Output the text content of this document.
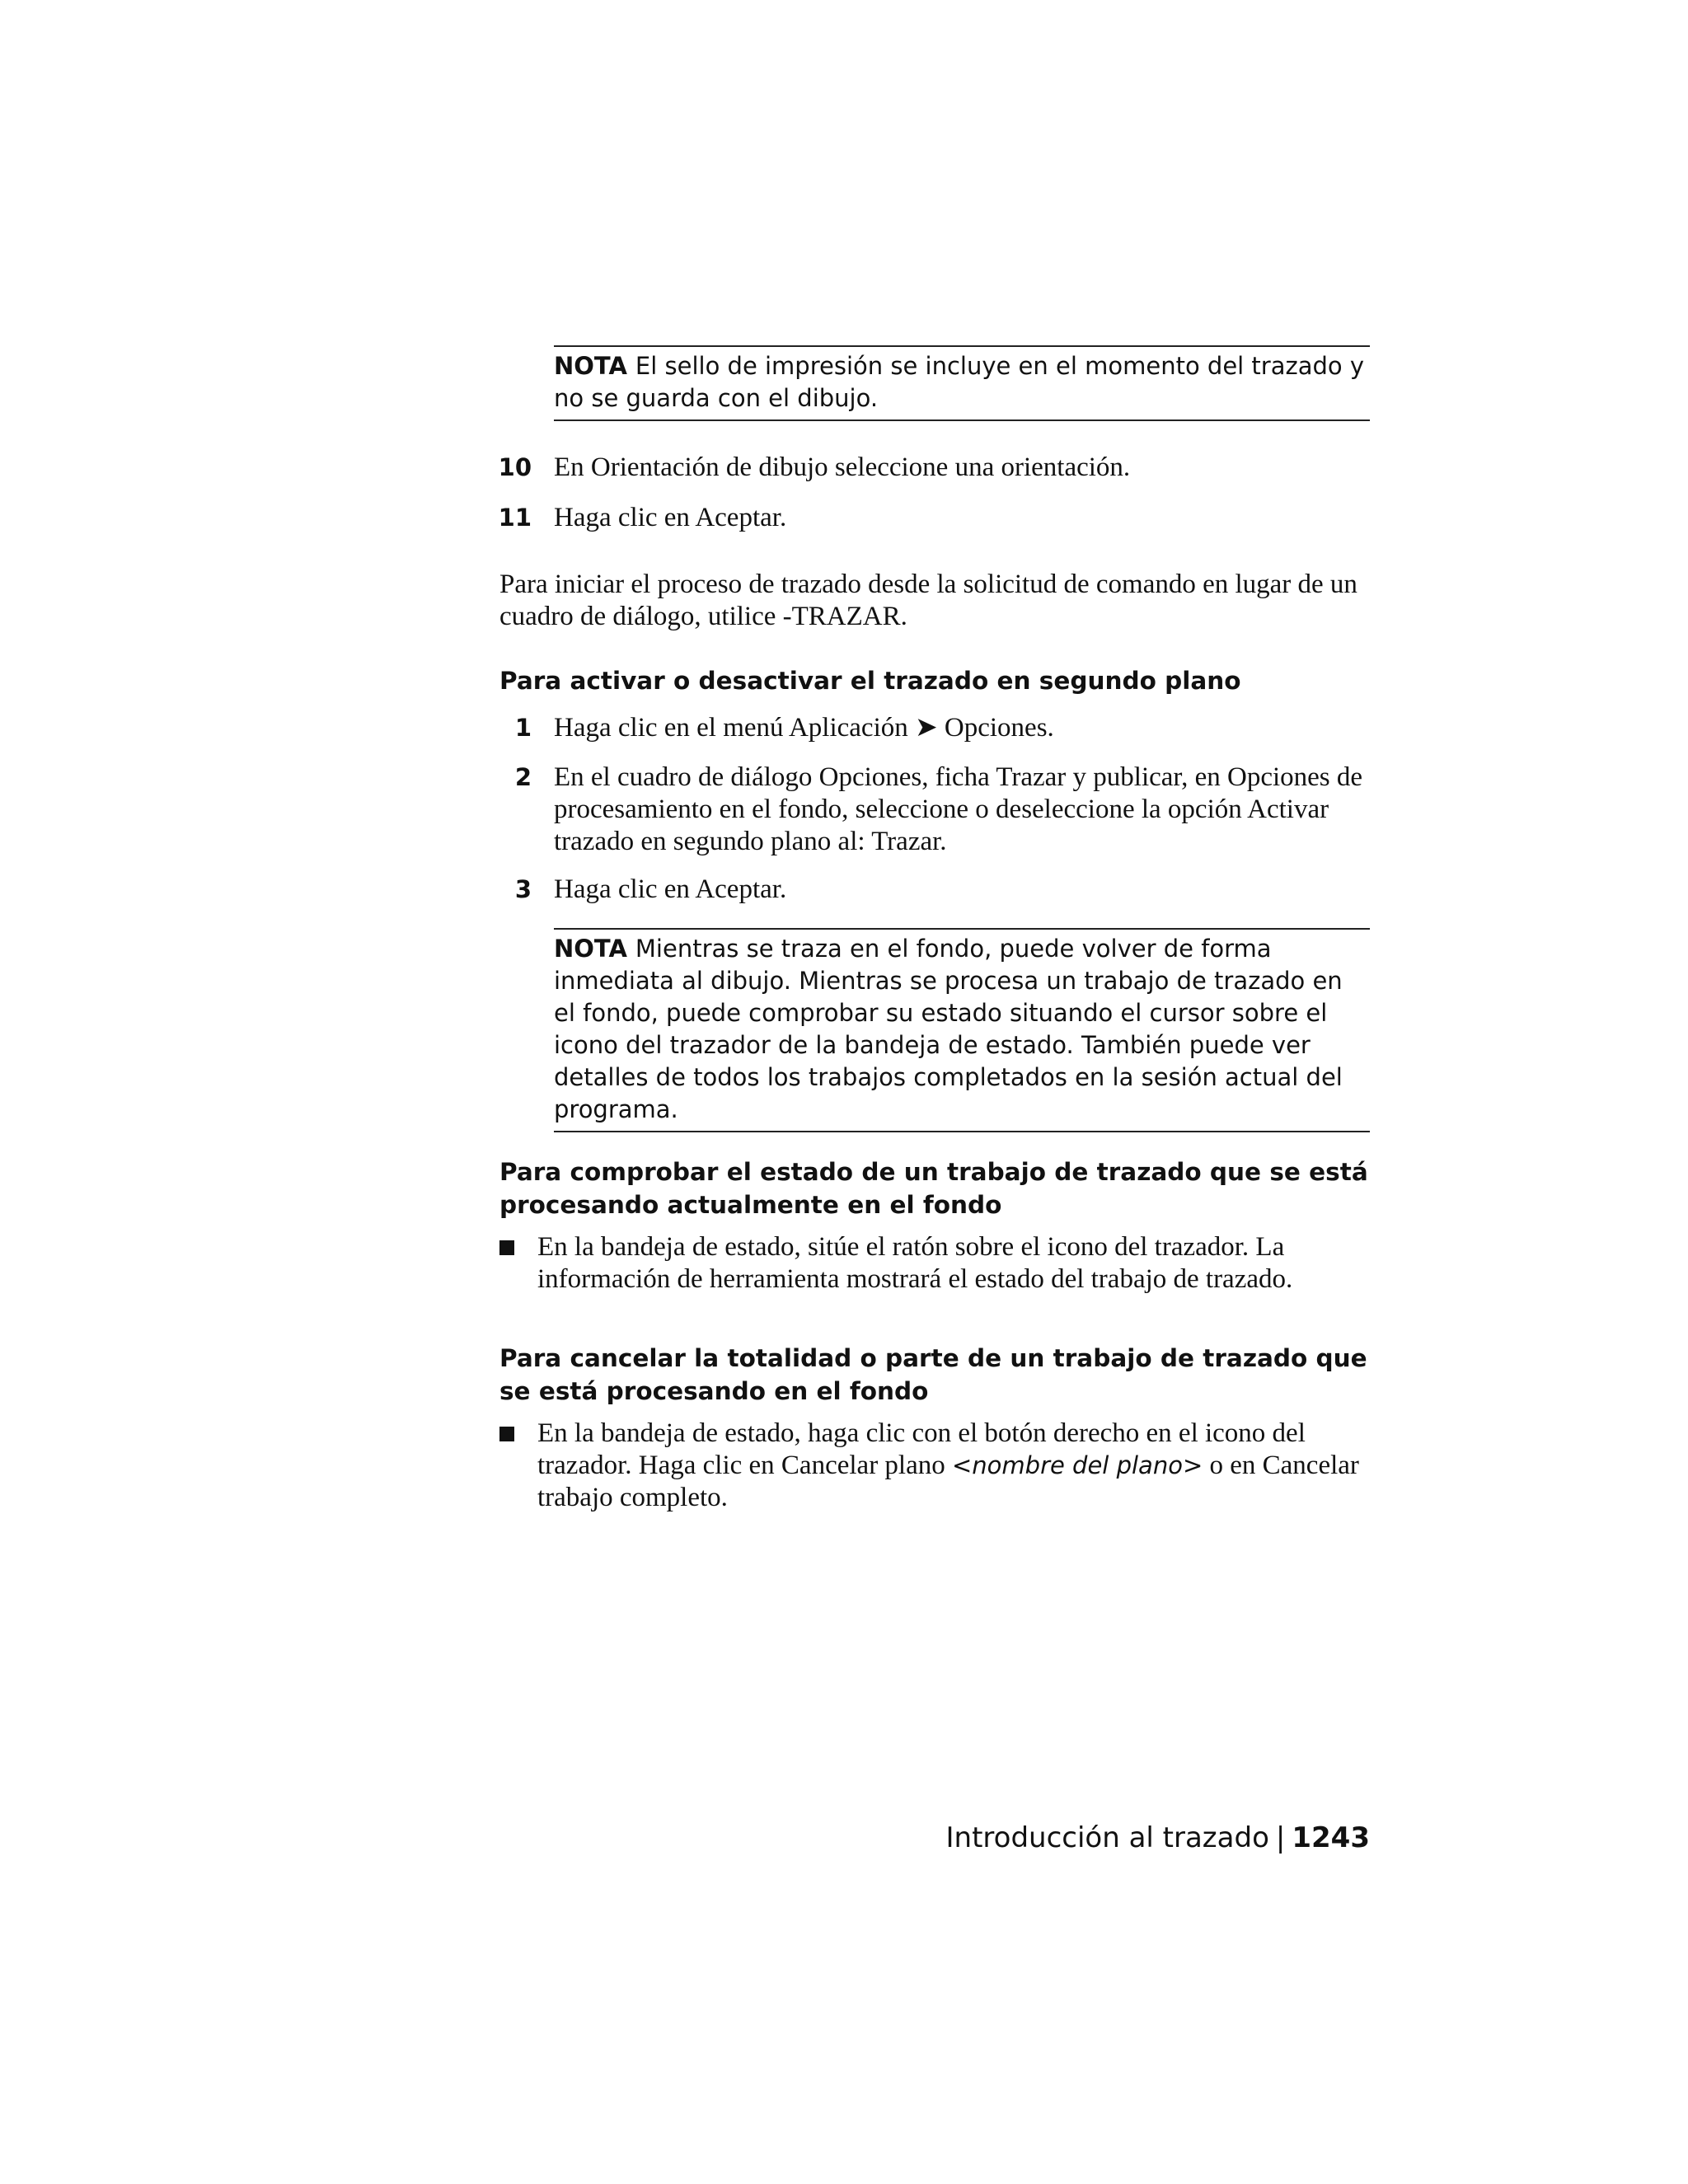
NOTA El sello de impresión se incluye en el momento del trazado y no se guarda con el dibujo.
10 En Orientación de dibujo seleccione una orientación.
11 Haga clic en Aceptar.
Para iniciar el proceso de trazado desde la solicitud de comando en lugar de un cuadro de diálogo, utilice -TRAZAR.
Para activar o desactivar el trazado en segundo plano
1 Haga clic en el menú Aplicación ➤ Opciones.
2 En el cuadro de diálogo Opciones, ficha Trazar y publicar, en Opciones de procesamiento en el fondo, seleccione o deseleccione la opción Activar trazado en segundo plano al: Trazar.
3 Haga clic en Aceptar.
NOTA Mientras se traza en el fondo, puede volver de forma inmediata al dibujo. Mientras se procesa un trabajo de trazado en el fondo, puede comprobar su estado situando el cursor sobre el icono del trazador de la bandeja de estado. También puede ver detalles de todos los trabajos completados en la sesión actual del programa.
Para comprobar el estado de un trabajo de trazado que se está procesando actualmente en el fondo
En la bandeja de estado, sitúe el ratón sobre el icono del trazador. La información de herramienta mostrará el estado del trabajo de trazado.
Para cancelar la totalidad o parte de un trabajo de trazado que se está procesando en el fondo
En la bandeja de estado, haga clic con el botón derecho en el icono del trazador. Haga clic en Cancelar plano <nombre del plano> o en Cancelar trabajo completo.
Introducción al trazado | 1243
